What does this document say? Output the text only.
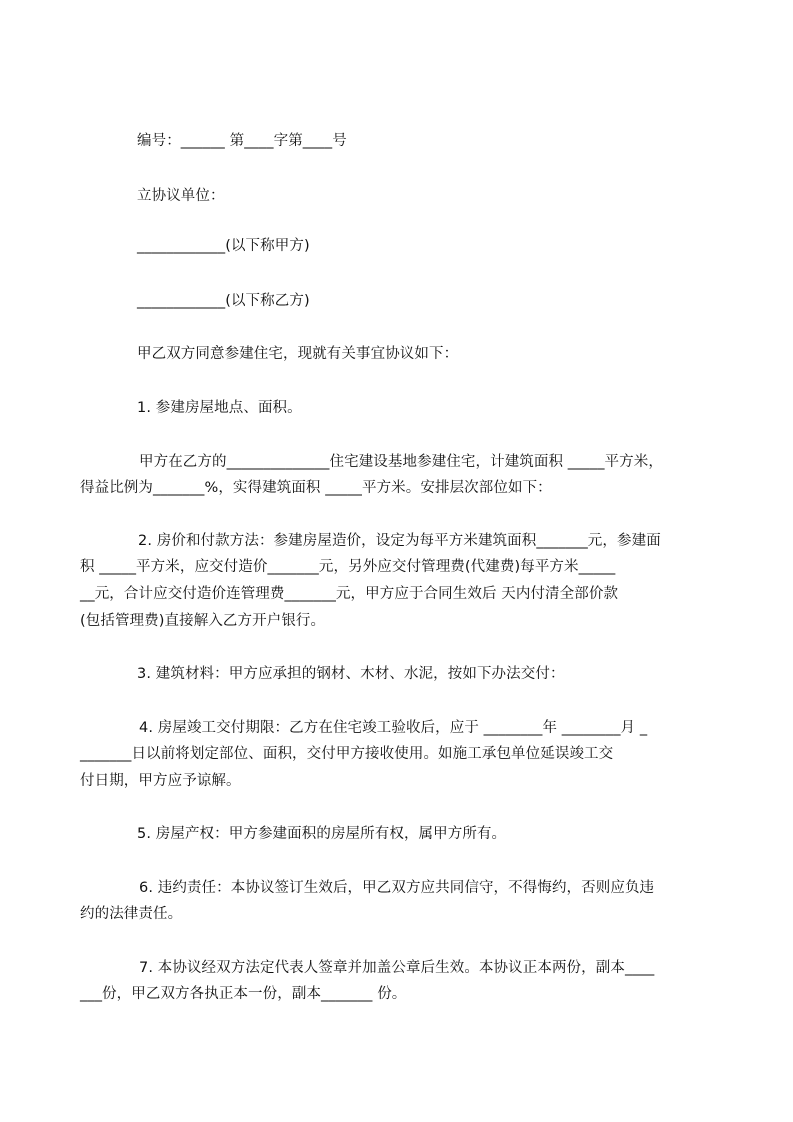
编号：______ 第____字第____号
立协议单位：
____________(以下称甲方)
____________(以下称乙方)
甲乙双方同意参建住宅，现就有关事宜协议如下：
1. 参建房屋地点、面积。
甲方在乙方的______________住宅建设基地参建住宅，计建筑面积 _____平方米，
得益比例为_______%，实得建筑面积 _____平方米。安排层次部位如下：
2. 房价和付款方法：参建房屋造价，设定为每平方米建筑面积_______元，参建面
积 _____平方米，应交付造价_______元，另外应交付管理费(代建费)每平方米_____
__元，合计应交付造价连管理费_______元，甲方应于合同生效后 天内付清全部价款
(包括管理费)直接解入乙方开户银行。
3. 建筑材料：甲方应承担的钢材、木材、水泥，按如下办法交付：
4. 房屋竣工交付期限：乙方在住宅竣工验收后，应于 ________年 ________月 _
_______日以前将划定部位、面积，交付甲方接收使用。如施工承包单位延误竣工交
付日期，甲方应予谅解。
5. 房屋产权：甲方参建面积的房屋所有权，属甲方所有。
6. 违约责任：本协议签订生效后，甲乙双方应共同信守，不得悔约，否则应负违
约的法律责任。
7. 本协议经双方法定代表人签章并加盖公章后生效。本协议正本两份，副本____
___份，甲乙双方各执正本一份，副本_______ 份。
